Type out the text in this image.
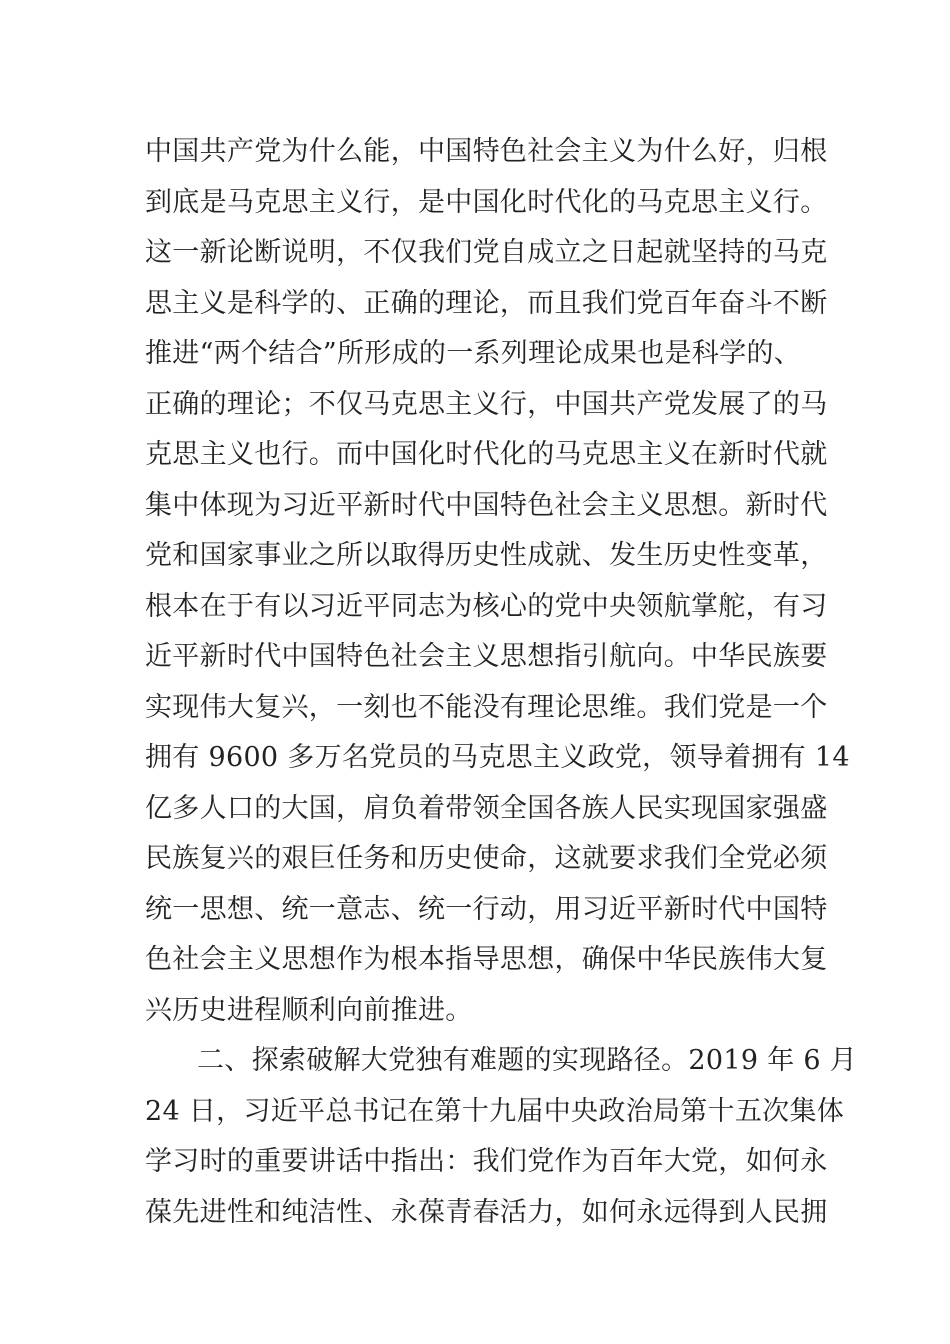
中国共产党为什么能，中国特色社会主义为什么好，归根
到底是马克思主义行，是中国化时代化的马克思主义行。
这一新论断说明，不仅我们党自成立之日起就坚持的马克
思主义是科学的、正确的理论，而且我们党百年奋斗不断
推进“两个结合”所形成的一系列理论成果也是科学的、
正确的理论；不仅马克思主义行，中国共产党发展了的马
克思主义也行。而中国化时代化的马克思主义在新时代就
集中体现为习近平新时代中国特色社会主义思想。新时代
党和国家事业之所以取得历史性成就、发生历史性变革，
根本在于有以习近平同志为核心的党中央领航掌舵，有习
近平新时代中国特色社会主义思想指引航向。中华民族要
实现伟大复兴，一刻也不能没有理论思维。我们党是一个
拥有 9600 多万名党员的马克思主义政党，领导着拥有 14
亿多人口的大国，肩负着带领全国各族人民实现国家强盛
民族复兴的艰巨任务和历史使命，这就要求我们全党必须
统一思想、统一意志、统一行动，用习近平新时代中国特
色社会主义思想作为根本指导思想，确保中华民族伟大复
兴历史进程顺利向前推进。
二、探索破解大党独有难题的实现路径。2019 年 6 月
24 日，习近平总书记在第十九届中央政治局第十五次集体
学习时的重要讲话中指出：我们党作为百年大党，如何永
葆先进性和纯洁性、永葆青春活力，如何永远得到人民拥
